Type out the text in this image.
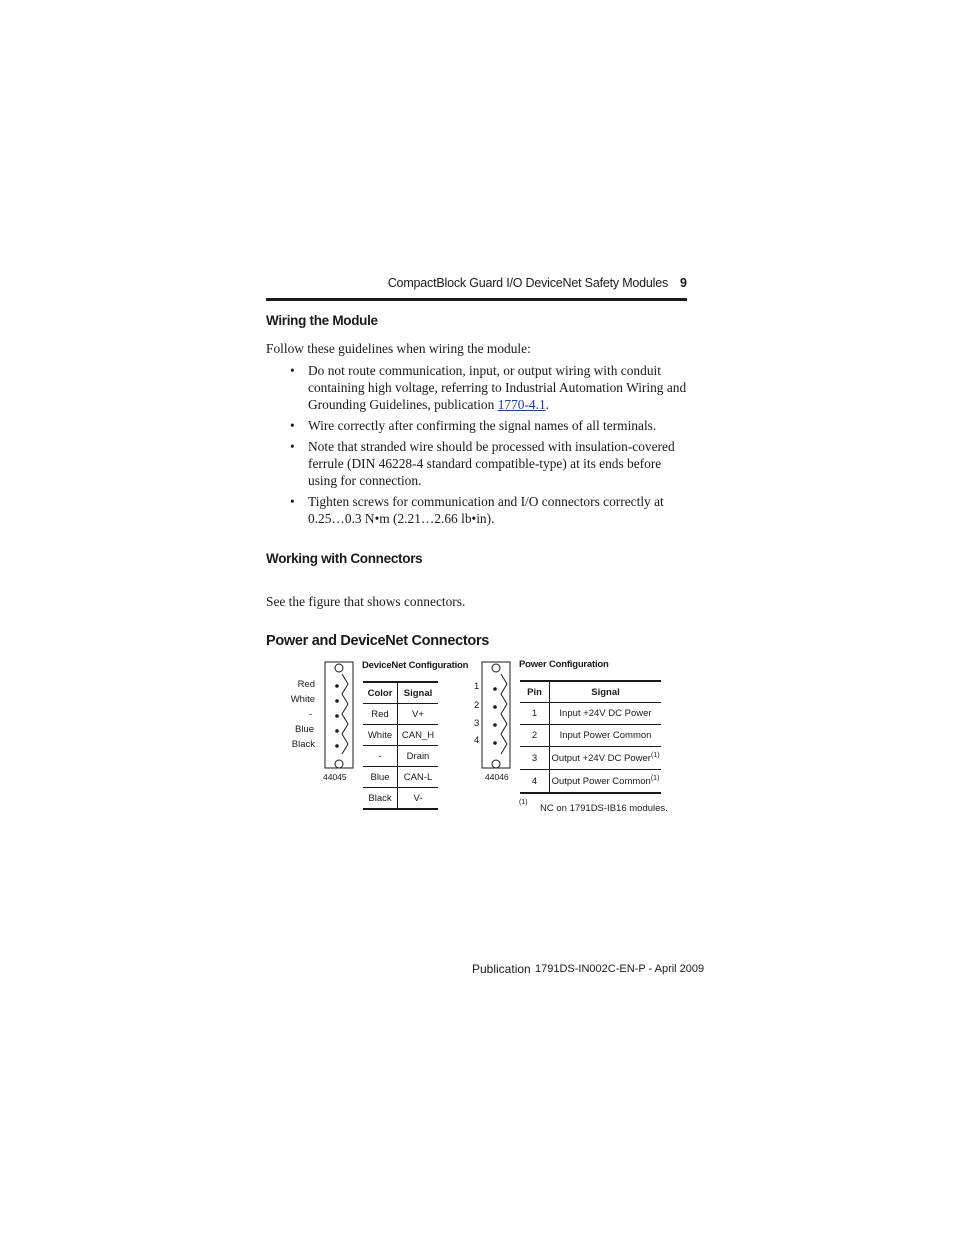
CompactBlock Guard I/O DeviceNet Safety Modules 9
Wiring the Module
Follow these guidelines when wiring the module:
• Do not route communication, input, or output wiring with conduit containing high voltage, referring to Industrial Automation Wiring and Grounding Guidelines, publication 1770-4.1.
• Wire correctly after confirming the signal names of all terminals.
• Note that stranded wire should be processed with insulation-covered ferrule (DIN 46228-4 standard compatible-type) at its ends before using for connection.
• Tighten screws for communication and I/O connectors correctly at 0.25…0.3 N•m (2.21…2.66 lb•in).
Working with Connectors
See the figure that shows connectors.
Power and DeviceNet Connectors
Red
White
-
Blue
Black
44045
DeviceNet Configuration
Color	Signal
Red	V+
White	CAN_H
-	Drain
Blue	CAN-L
Black	V-
1
2
3
4
44046
Power Configuration
Pin	Signal
1	Input +24V DC Power
2	Input Power Common
3	Output +24V DC Power$^{(1)}$
4	Output Power Common$^{(1)}$
(1)
NC on 1791DS-IB16 modules.
Publication 1791DS-IN002C-EN-P - April 2009
